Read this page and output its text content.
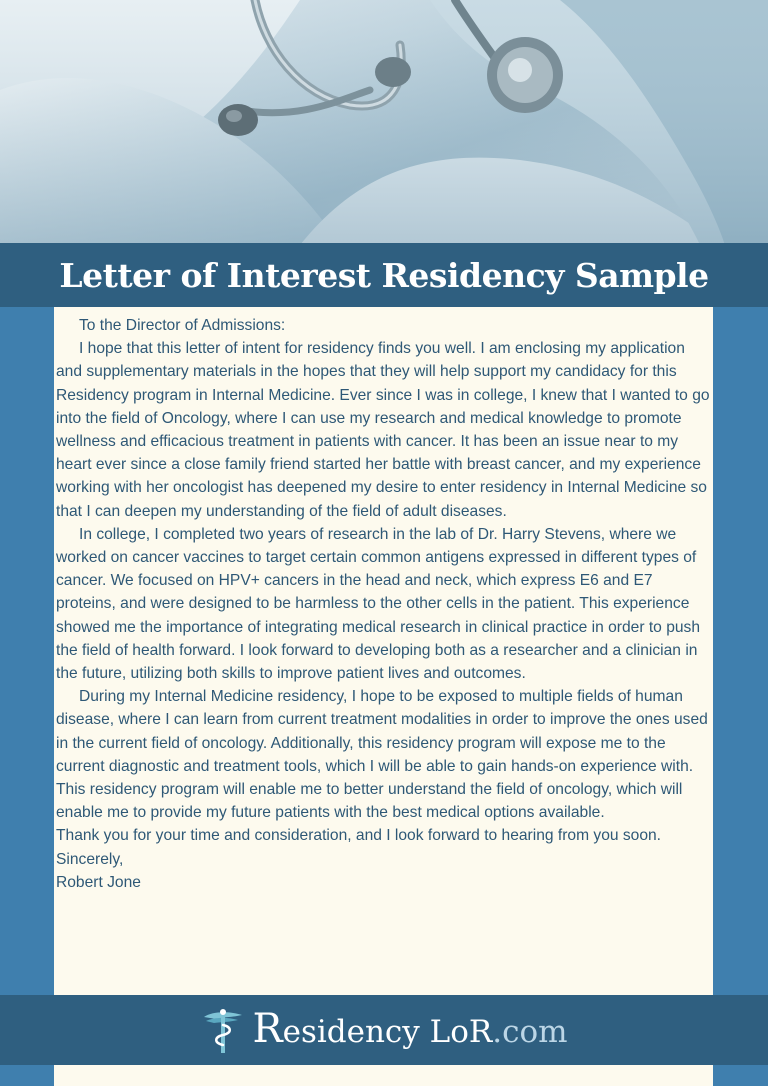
Letter of Interest Residency Sample

To the Director of Admissions:

I hope that this letter of intent for residency finds you well. I am enclosing my application and supplementary materials in the hopes that they will help support my candidacy for this Residency program in Internal Medicine. Ever since I was in college, I knew that I wanted to go into the field of Oncology, where I can use my research and medical knowledge to promote wellness and efficacious treatment in patients with cancer. It has been an issue near to my heart ever since a close family friend started her battle with breast cancer, and my experience working with her oncologist has deepened my desire to enter residency in Internal Medicine so that I can deepen my understanding of the field of adult diseases.

In college, I completed two years of research in the lab of Dr. Harry Stevens, where we worked on cancer vaccines to target certain common antigens expressed in different types of cancer. We focused on HPV+ cancers in the head and neck, which express E6 and E7 proteins, and were designed to be harmless to the other cells in the patient. This experience showed me the importance of integrating medical research in clinical practice in order to push the field of health forward. I look forward to developing both as a researcher and a clinician in the future, utilizing both skills to improve patient lives and outcomes.

During my Internal Medicine residency, I hope to be exposed to multiple fields of human disease, where I can learn from current treatment modalities in order to improve the ones used in the current field of oncology. Additionally, this residency program will expose me to the current diagnostic and treatment tools, which I will be able to gain hands-on experience with. This residency program will enable me to better understand the field of oncology, which will enable me to provide my future patients with the best medical options available.

Thank you for your time and consideration, and I look forward to hearing from you soon.

Sincerely,

Robert Jone

Residency LoR.com
